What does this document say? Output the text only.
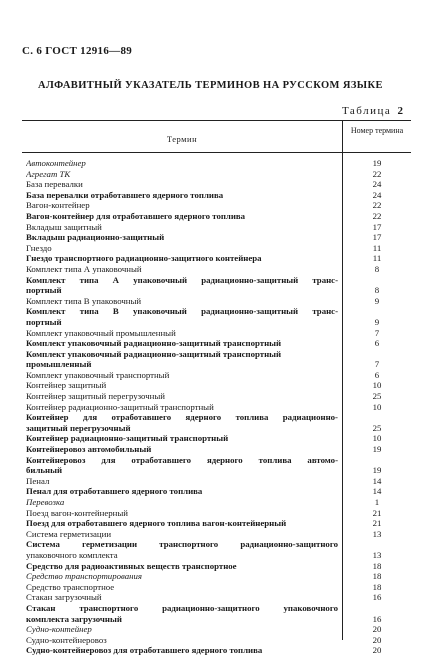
С. 6 ГОСТ 12916—89
АЛФАВИТНЫЙ УКАЗАТЕЛЬ ТЕРМИНОВ НА РУССКОМ ЯЗЫКЕ
Таблица 2
Термин
Номер термина
Автоконтейнер	19
Агрегат ТК	22
База перевалки	24
База перевалки отработавшего ядерного топлива	24
Вагон-контейнер	22
Вагон-контейнер для отработавшего ядерного топлива	22
Вкладыш защитный	17
Вкладыш радиационно-защитный	17
Гнездо	11
Гнездо транспортного радиационно-защитного контейнера	11
Комплект типа А упаковочный	8
Комплект типа А упаковочный радиационно-защитный транс-
портный	8
Комплект типа В упаковочный	9
Комплект типа В упаковочный радиационно-защитный транс-
портный	9
Комплект упаковочный промышленный	7
Комплект упаковочный радиационно-защитный транспортный	6
Комплект упаковочный радиационно-защитный транспортный
промышленный	7
Комплект упаковочный транспортный	6
Контейнер защитный	10
Контейнер защитный перегрузочный	25
Контейнер радиационно-защитный транспортный	10
Контейнер для отработавшего ядерного топлива радиационно-
защитный перегрузочный	25
Контейнер радиационно-защитный транспортный	10
Контейнеровоз автомобильный	19
Контейнеровоз для отработавшего ядерного топлива автомо-
бильный	19
Пенал	14
Пенал для отработавшего ядерного топлива	14
Перевозка	1
Поезд вагон-контейнерный	21
Поезд для отработавшего ядерного топлива вагон-контейнерный	21
Система герметизации	13
Система герметизации транспортного радиационно-защитного
упаковочного комплекта	13
Средство для радиоактивных веществ транспортное	18
Средство транспортирования	18
Средство транспортное	18
Стакан загрузочный	16
Стакан транспортного радиационно-защитного упаковочного
комплекта загрузочный	16
Судно-контейнер	20
Судно-контейнеровоз	20
Судно-контейнеровоз для отработавшего ядерного топлива	20
